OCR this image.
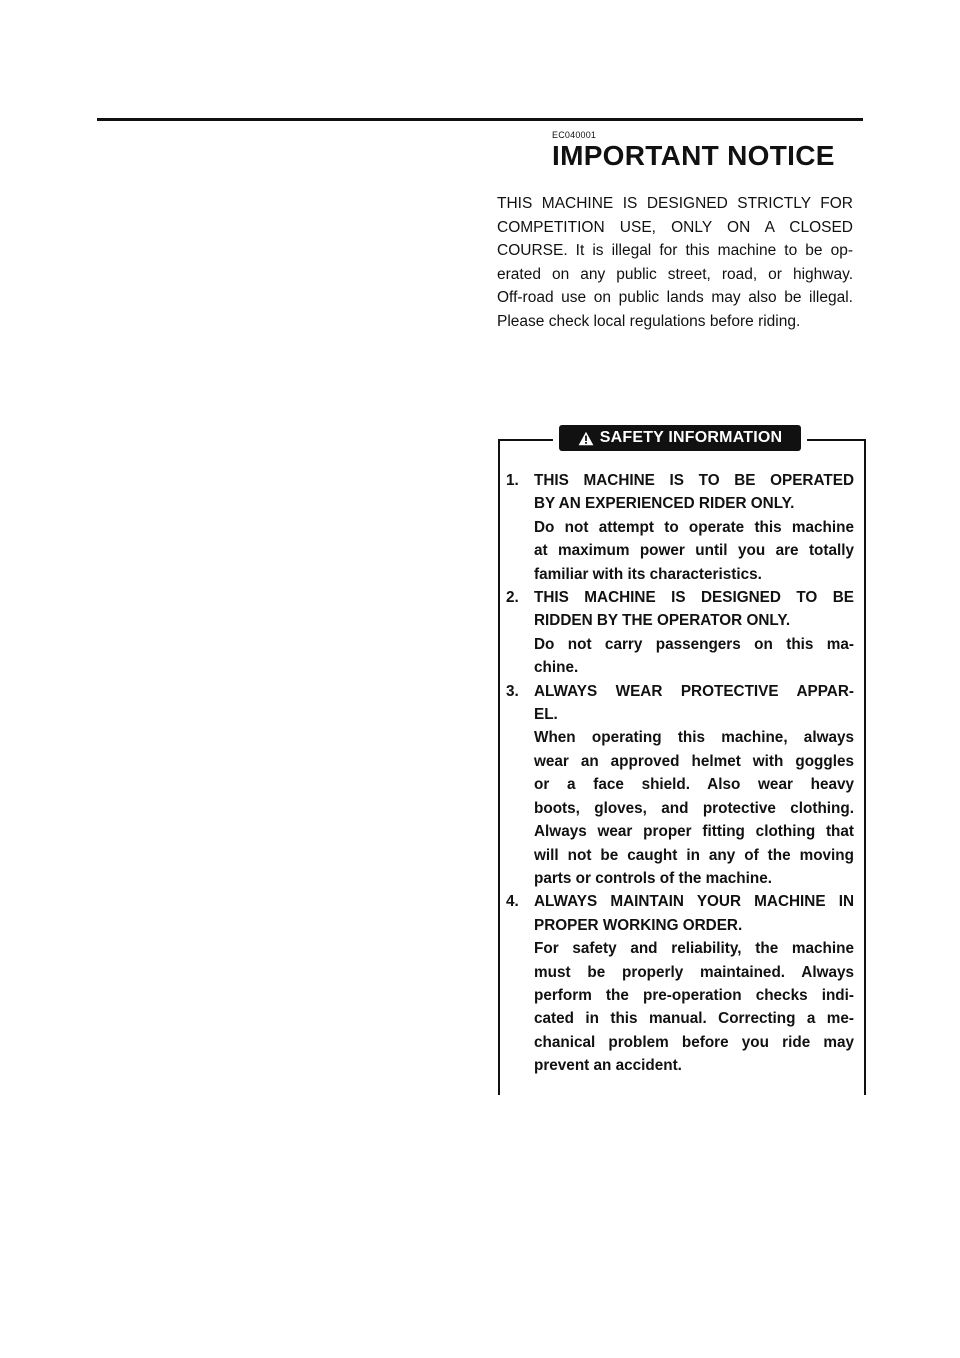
EC040001
IMPORTANT NOTICE
THIS MACHINE IS DESIGNED STRICTLY FOR
COMPETITION USE, ONLY ON A CLOSED
COURSE. It is illegal for this machine to be op-
erated on any public street, road, or highway.
Off-road use on public lands may also be illegal.
Please check local regulations before riding.
SAFETY INFORMATION
1. THIS MACHINE IS TO BE OPERATED
BY AN EXPERIENCED RIDER ONLY.
Do not attempt to operate this machine
at maximum power until you are totally
familiar with its characteristics.
2. THIS MACHINE IS DESIGNED TO BE
RIDDEN BY THE OPERATOR ONLY.
Do not carry passengers on this ma-
chine.
3. ALWAYS WEAR PROTECTIVE APPAR-
EL.
When operating this machine, always
wear an approved helmet with goggles
or a face shield. Also wear heavy
boots, gloves, and protective clothing.
Always wear proper fitting clothing that
will not be caught in any of the moving
parts or controls of the machine.
4. ALWAYS MAINTAIN YOUR MACHINE IN
PROPER WORKING ORDER.
For safety and reliability, the machine
must be properly maintained. Always
perform the pre-operation checks indi-
cated in this manual. Correcting a me-
chanical problem before you ride may
prevent an accident.
